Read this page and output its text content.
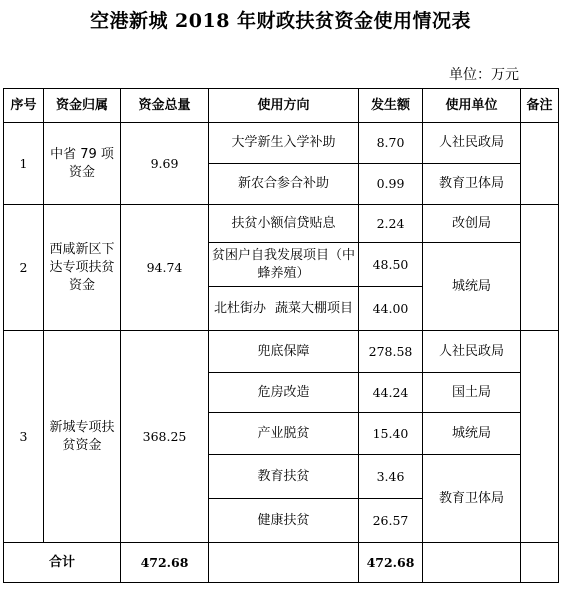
空港新城 2018 年财政扶贫资金使用情况表
单位：万元
序号	资金归属	资金总量	使用方向	发生额	使用单位	备注
1	中省 79 项资金	9.69	大学新生入学补助	8.70	人社民政局	
			新农合参合补助	0.99	教育卫体局	
2	西咸新区下达专项扶贫资金	94.74	扶贫小额信贷贴息	2.24	改创局	
			贫困户自我发展项目（中蜂养殖）	48.50	城统局	

			北杜街办 蔬菜大棚项目	44.00		
3	新城专项扶贫资金	368.25	兜底保障	278.58	人社民政局	
			危房改造	44.24	国土局	
			产业脱贫	15.40	城统局	
			教育扶贫	3.46	教育卫体局	
			健康扶贫	26.57		
合计		472.68		472.68		
